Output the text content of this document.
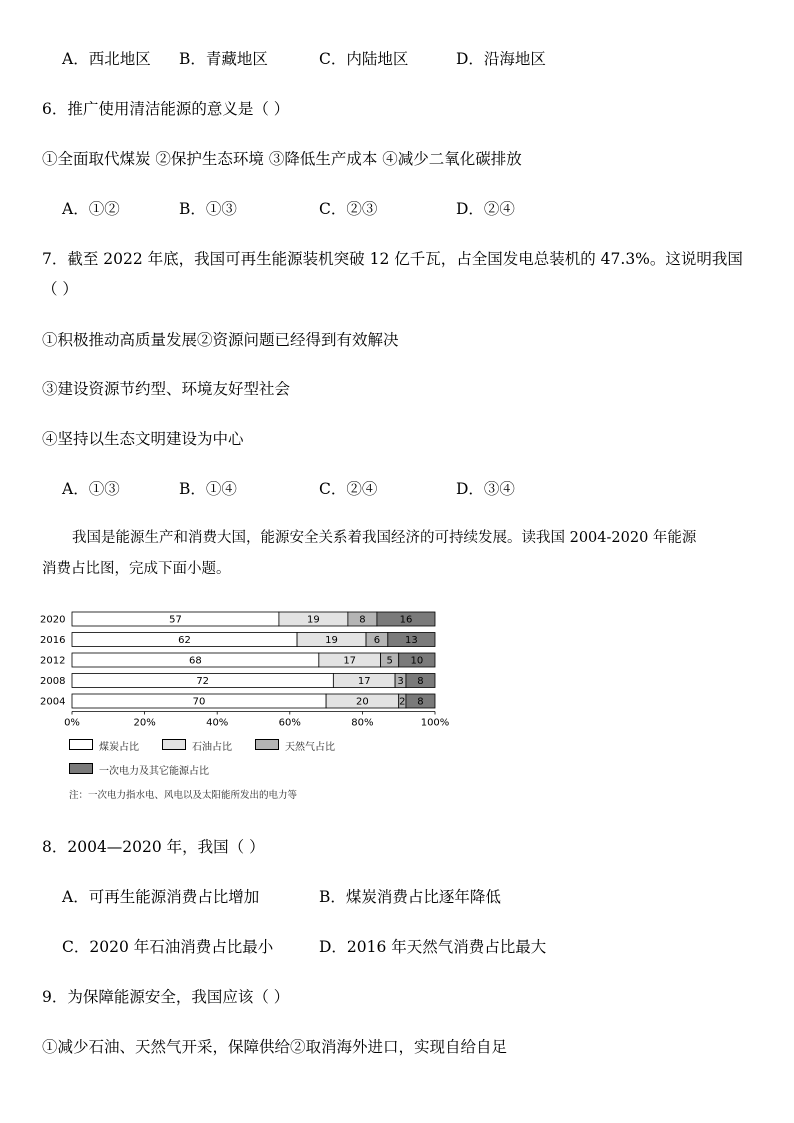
A．西北地区 B．青藏地区	C．内陆地区	D．沿海地区
6．推广使用清洁能源的意义是（ ）
①全面取代煤炭 ②保护生态环境 ③降低生产成本 ④减少二氧化碳排放
A．①②	B．①③	C．②③	D．②④
7．截至 2022 年底，我国可再生能源装机突破 12 亿千瓦，占全国发电总装机的 47.3%。这说明我国
（ ）
①积极推动高质量发展②资源问题已经得到有效解决
③建设资源节约型、环境友好型社会
④坚持以生态文明建设为中心
A．①③	B．①④	C．②④	D．③④
我国是能源生产和消费大国，能源安全关系着我国经济的可持续发展。读我国 2004-2020 年能源
消费占比图，完成下面小题。
2020	57	19	8	16
2016	62	19	6 13
2012	68	17	5 10
2008	72	17	3 8
2004	70	20	2 8
0%	20%	40%	60%	80%	100%
煤炭占比	石油占比	天然气占比
一次电力及其它能源占比
注：一次电力指水电、风电以及太阳能所发出的电力等
8．2004—2020 年，我国（ ）
A．可再生能源消费占比增加	B．煤炭消费占比逐年降低
C．2020 年石油消费占比最小	D．2016 年天然气消费占比最大
9．为保障能源安全，我国应该（ ）
①减少石油、天然气开采，保障供给②取消海外进口，实现自给自足
